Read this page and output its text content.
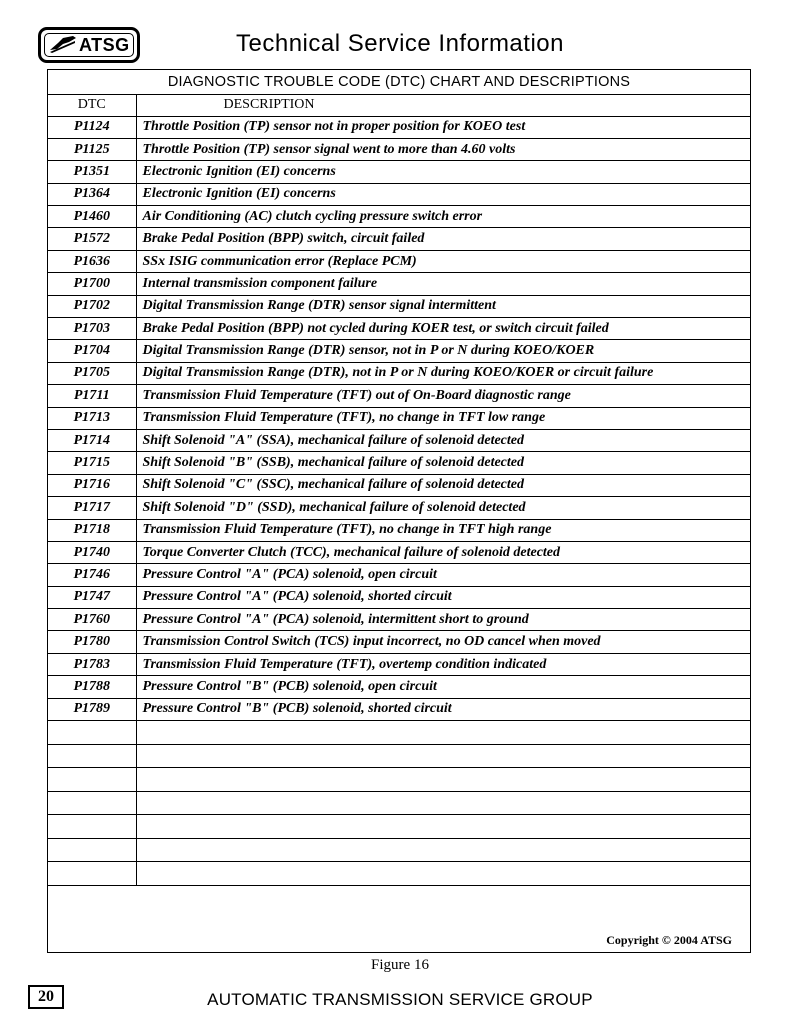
ATSG	Technical Service Information
DIAGNOSTIC TROUBLE CODE (DTC) CHART AND DESCRIPTIONS	
DTC	DESCRIPTION
P1124	Throttle Position (TP) sensor not in proper position for KOEO test
P1125	Throttle Position (TP) sensor signal went to more than 4.60 volts
P1351	Electronic Ignition (EI) concerns
P1364	Electronic Ignition (EI) concerns
P1460	Air Conditioning (AC) clutch cycling pressure switch error
P1572	Brake Pedal Position (BPP) switch, circuit failed
P1636	SSx ISIG communication error (Replace PCM)
P1700	Internal transmission component failure
P1702	Digital Transmission Range (DTR) sensor signal intermittent
P1703	Brake Pedal Position (BPP) not cycled during KOER test, or switch circuit failed
P1704	Digital Transmission Range (DTR) sensor, not in P or N during KOEO/KOER
P1705	Digital Transmission Range (DTR), not in P or N during KOEO/KOER or circuit failure
P1711	Transmission Fluid Temperature (TFT) out of On-Board diagnostic range
P1713	Transmission Fluid Temperature (TFT), no change in TFT low range
P1714	Shift Solenoid "A" (SSA), mechanical failure of solenoid detected
P1715	Shift Solenoid "B" (SSB), mechanical failure of solenoid detected
P1716	Shift Solenoid "C" (SSC), mechanical failure of solenoid detected
P1717	Shift Solenoid "D" (SSD), mechanical failure of solenoid detected
P1718	Transmission Fluid Temperature (TFT), no change in TFT high range
P1740	Torque Converter Clutch (TCC), mechanical failure of solenoid detected
P1746	Pressure Control "A" (PCA) solenoid, open circuit
P1747	Pressure Control "A" (PCA) solenoid, shorted circuit
P1760	Pressure Control "A" (PCA) solenoid, intermittent short to ground
P1780	Transmission Control Switch (TCS) input incorrect, no OD cancel when moved
P1783	Transmission Fluid Temperature (TFT), overtemp condition indicated
P1788	Pressure Control "B" (PCB) solenoid, open circuit
P1789	Pressure Control "B" (PCB) solenoid, shorted circuit

Copyright © 2004 ATSG
Figure 16
20	AUTOMATIC TRANSMISSION SERVICE GROUP
